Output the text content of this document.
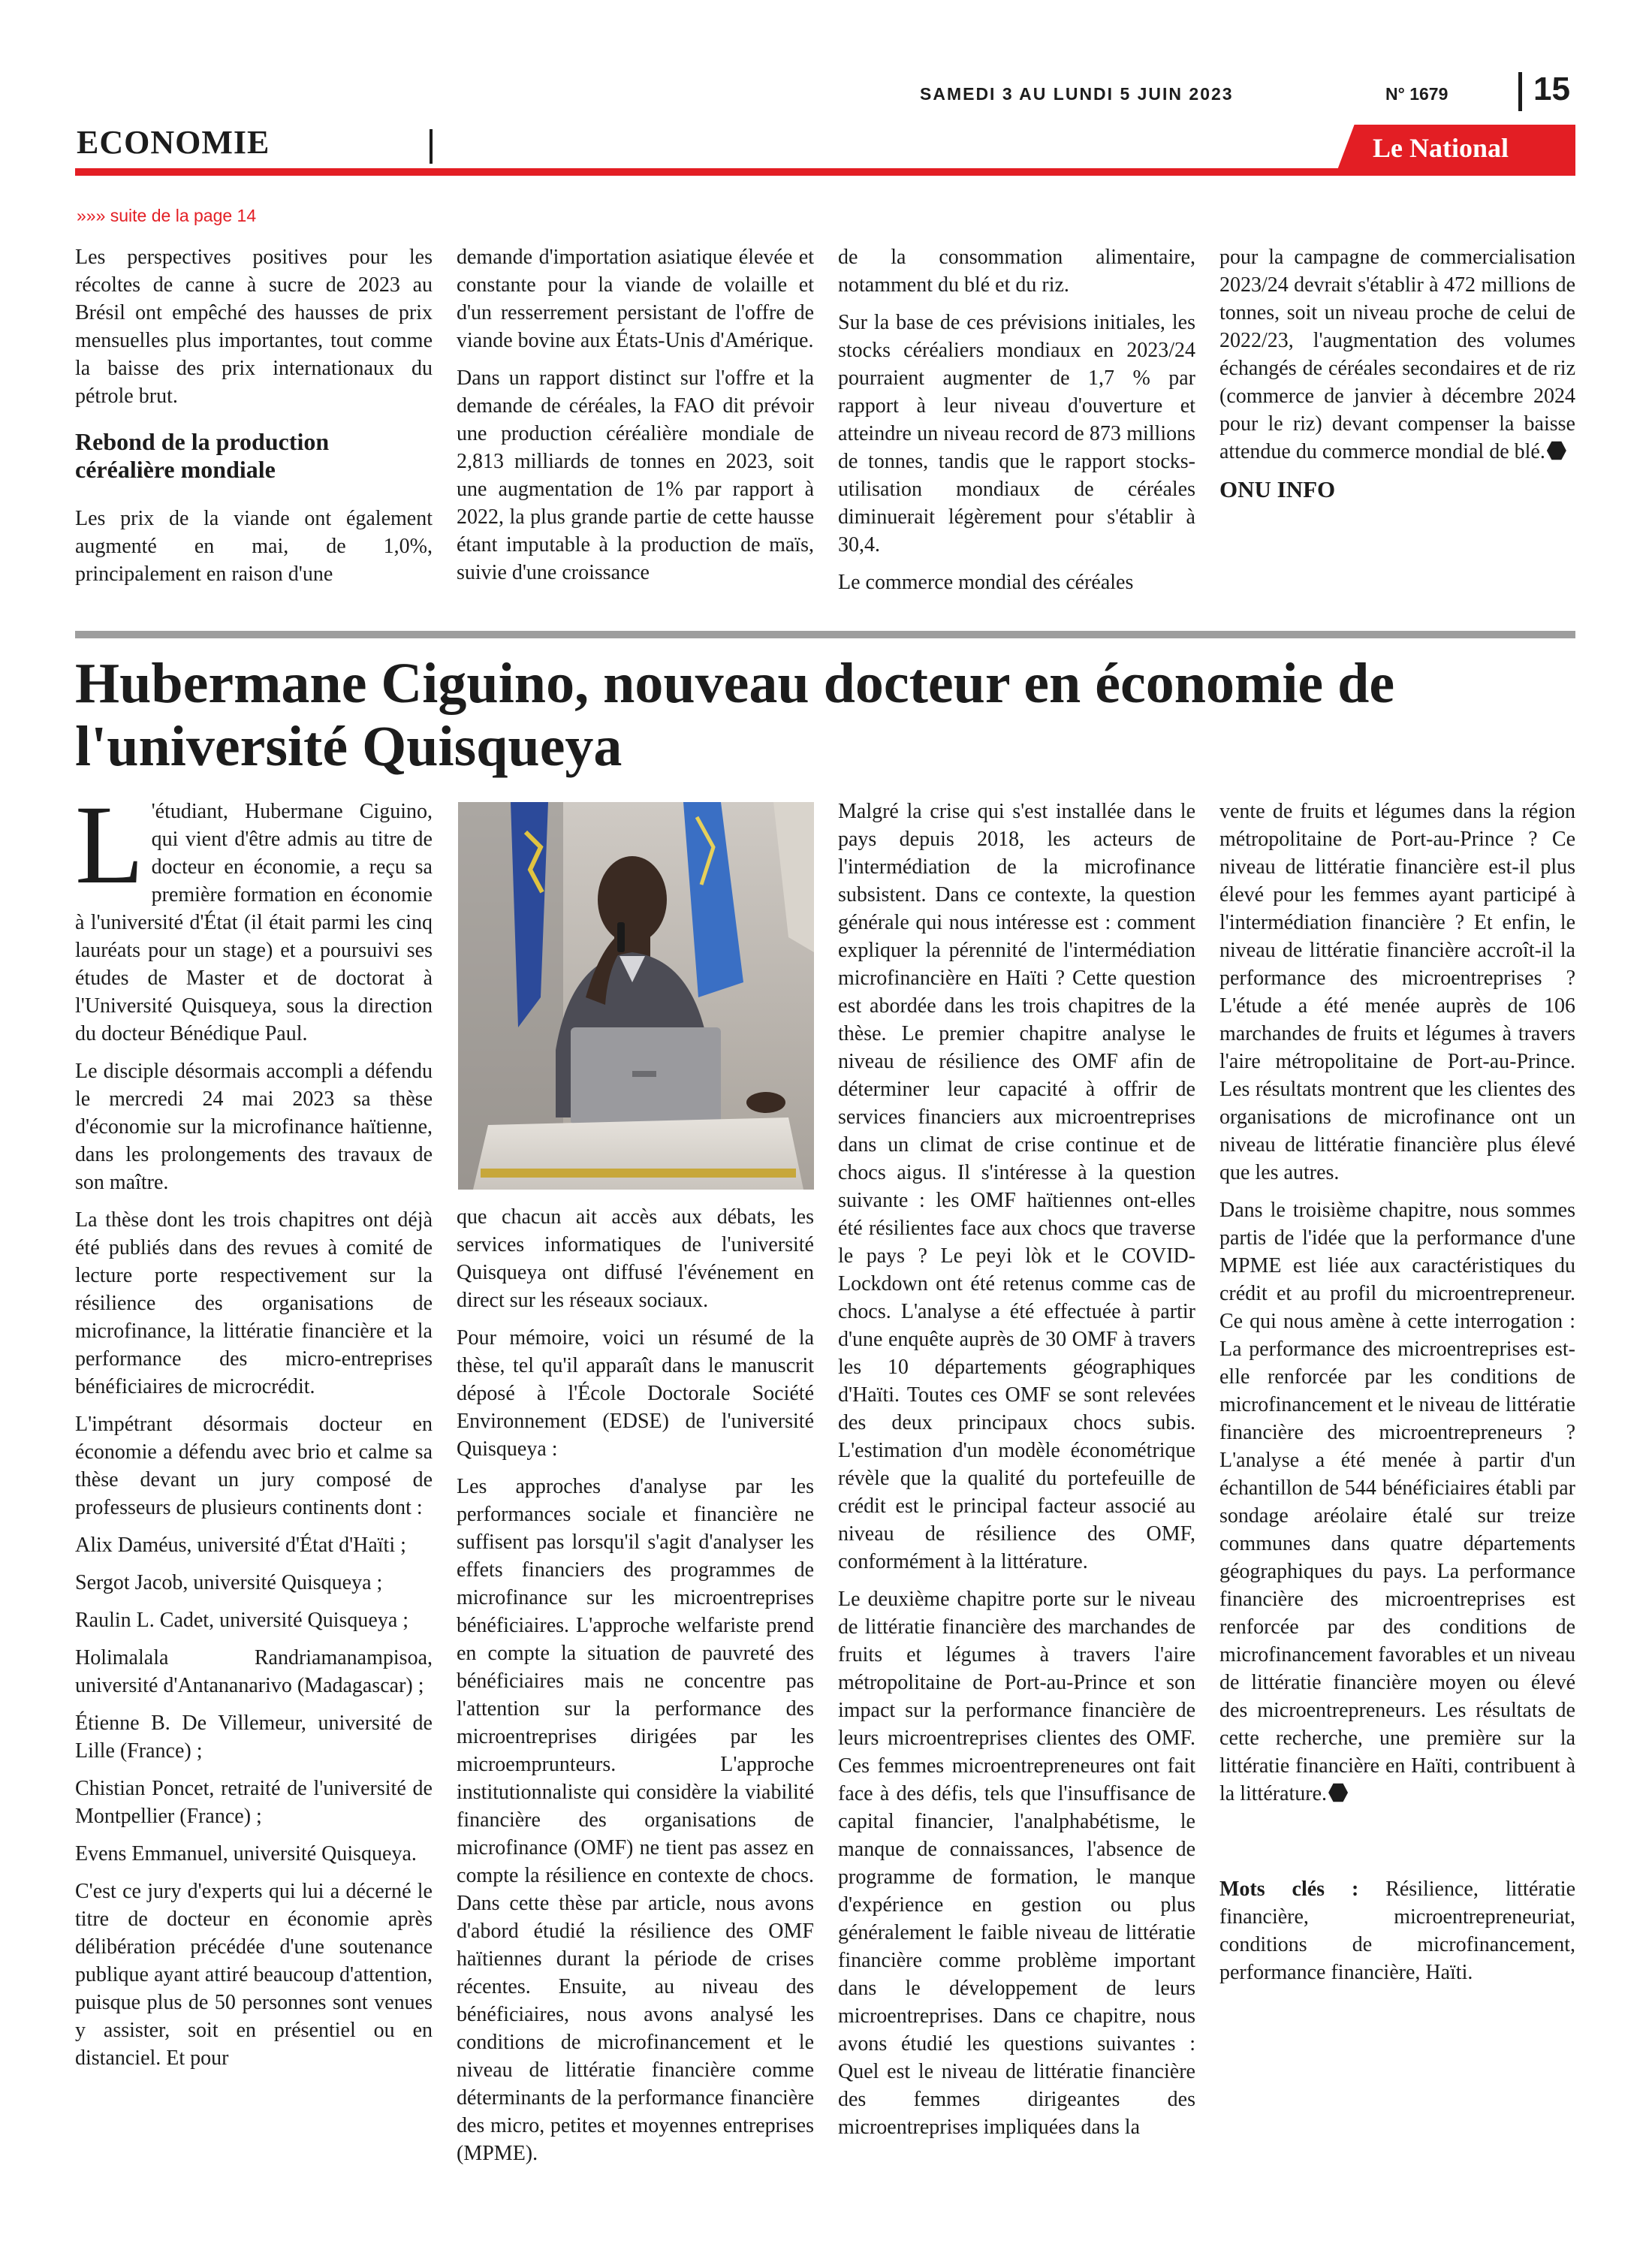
SAMEDI 3 AU LUNDI 5 JUIN 2023	N° 1679	15
ECONOMIE	Le National
»»» suite de la page 14

Les perspectives positives pour les récoltes de canne à sucre de 2023 au Brésil ont empêché des hausses de prix mensuelles plus importantes, tout comme la baisse des prix internationaux du pétrole brut.

Rebond de la production céréalière mondiale

Les prix de la viande ont également augmenté en mai, de 1,0%, principalement en raison d'une

demande d'importation asiatique élevée et constante pour la viande de volaille et d'un resserrement persistant de l'offre de viande bovine aux États-Unis d'Amérique.

Dans un rapport distinct sur l'offre et la demande de céréales, la FAO dit prévoir une production céréalière mondiale de 2,813 milliards de tonnes en 2023, soit une augmentation de 1% par rapport à 2022, la plus grande partie de cette hausse étant imputable à la production de maïs, suivie d'une croissance

de la consommation alimentaire, notamment du blé et du riz.

Sur la base de ces prévisions initiales, les stocks céréaliers mondiaux en 2023/24 pourraient augmenter de 1,7 % par rapport à leur niveau d'ouverture et atteindre un niveau record de 873 millions de tonnes, tandis que le rapport stocks-utilisation mondiaux de céréales diminuerait légèrement pour s'établir à 30,4.

Le commerce mondial des céréales

pour la campagne de commercialisation 2023/24 devrait s'établir à 472 millions de tonnes, soit un niveau proche de celui de 2022/23, l'augmentation des volumes échangés de céréales secondaires et de riz (commerce de janvier à décembre 2024 pour le riz) devant compenser la baisse attendue du commerce mondial de blé.

ONU INFO

Hubermane Ciguino, nouveau docteur en économie de l'université Quisqueya

L 'étudiant, Hubermane Ciguino, qui vient d'être admis au titre de docteur en économie, a reçu sa première formation en économie à l'université d'État (il était parmi les cinq lauréats pour un stage) et a poursuivi ses études de Master et de doctorat à l'Université Quisqueya, sous la direction du docteur Bénédique Paul.

Le disciple désormais accompli a défendu le mercredi 24 mai 2023 sa thèse d'économie sur la microfinance haïtienne, dans les prolongements des travaux de son maître.

La thèse dont les trois chapitres ont déjà été publiés dans des revues à comité de lecture porte respectivement sur la résilience des organisations de microfinance, la littératie financière et la performance des micro-entreprises bénéficiaires de microcrédit.

L'impétrant désormais docteur en économie a défendu avec brio et calme sa thèse devant un jury composé de professeurs de plusieurs continents dont :

Alix Daméus, université d'État d'Haïti ;

Sergot Jacob, université Quisqueya ;

Raulin L. Cadet, université Quisqueya ;

Holimalala Randriamanampisoa, université d'Antananarivo (Madagascar) ;

Étienne B. De Villemeur, université de Lille (France) ;

Chistian Poncet, retraité de l'université de Montpellier (France) ;

Evens Emmanuel, université Quisqueya.

C'est ce jury d'experts qui lui a décerné le titre de docteur en économie après délibération précédée d'une soutenance publique ayant attiré beaucoup d'attention, puisque plus de 50 personnes sont venues y assister, soit en présentiel ou en distanciel. Et pour

que chacun ait accès aux débats, les services informatiques de l'université Quisqueya ont diffusé l'événement en direct sur les réseaux sociaux.

Pour mémoire, voici un résumé de la thèse, tel qu'il apparaît dans le manuscrit déposé à l'École Doctorale Société Environnement (EDSE) de l'université Quisqueya :

Les approches d'analyse par les performances sociale et financière ne suffisent pas lorsqu'il s'agit d'analyser les effets financiers des programmes de microfinance sur les microentreprises bénéficiaires. L'approche welfariste prend en compte la situation de pauvreté des bénéficiaires mais ne concentre pas l'attention sur la performance des microentreprises dirigées par les microemprunteurs. L'approche institutionnaliste qui considère la viabilité financière des organisations de microfinance (OMF) ne tient pas assez en compte la résilience en contexte de chocs. Dans cette thèse par article, nous avons d'abord étudié la résilience des OMF haïtiennes durant la période de crises récentes. Ensuite, au niveau des bénéficiaires, nous avons analysé les conditions de microfinancement et le niveau de littératie financière comme déterminants de la performance financière des micro, petites et moyennes entreprises (MPME).

Malgré la crise qui s'est installée dans le pays depuis 2018, les acteurs de l'intermédiation de la microfinance subsistent. Dans ce contexte, la question générale qui nous intéresse est : comment expliquer la pérennité de l'intermédiation microfinancière en Haïti ? Cette question est abordée dans les trois chapitres de la thèse. Le premier chapitre analyse le niveau de résilience des OMF afin de déterminer leur capacité à offrir de services financiers aux microentreprises dans un climat de crise continue et de chocs aigus. Il s'intéresse à la question suivante : les OMF haïtiennes ont-elles été résilientes face aux chocs que traverse le pays ? Le peyi lòk et le COVID-Lockdown ont été retenus comme cas de chocs. L'analyse a été effectuée à partir d'une enquête auprès de 30 OMF à travers les 10 départements géographiques d'Haïti. Toutes ces OMF se sont relevées des deux principaux chocs subis. L'estimation d'un modèle économétrique révèle que la qualité du portefeuille de crédit est le principal facteur associé au niveau de résilience des OMF, conformément à la littérature.

Le deuxième chapitre porte sur le niveau de littératie financière des marchandes de fruits et légumes à travers l'aire métropolitaine de Port-au-Prince et son impact sur la performance financière de leurs microentreprises clientes des OMF. Ces femmes microentrepreneures ont fait face à des défis, tels que l'insuffisance de capital financier, l'analphabétisme, le manque de connaissances, l'absence de programme de formation, le manque d'expérience en gestion ou plus généralement le faible niveau de littératie financière comme problème important dans le développement de leurs microentreprises. Dans ce chapitre, nous avons étudié les questions suivantes : Quel est le niveau de littératie financière des femmes dirigeantes des microentreprises impliquées dans la

vente de fruits et légumes dans la région métropolitaine de Port-au-Prince ? Ce niveau de littératie financière est-il plus élevé pour les femmes ayant participé à l'intermédiation financière ? Et enfin, le niveau de littératie financière accroît-il la performance des microentreprises ? L'étude a été menée auprès de 106 marchandes de fruits et légumes à travers l'aire métropolitaine de Port-au-Prince. Les résultats montrent que les clientes des organisations de microfinance ont un niveau de littératie financière plus élevé que les autres.

Dans le troisième chapitre, nous sommes partis de l'idée que la performance d'une MPME est liée aux caractéristiques du crédit et au profil du microentrepreneur. Ce qui nous amène à cette interrogation : La performance des microentreprises est-elle renforcée par les conditions de microfinancement et le niveau de littératie financière des microentrepreneurs ? L'analyse a été menée à partir d'un échantillon de 544 bénéficiaires établi par sondage aréolaire étalé sur treize communes dans quatre départements géographiques du pays. La performance financière des microentreprises est renforcée par des conditions de microfinancement favorables et un niveau de littératie financière moyen ou élevé des microentrepreneurs. Les résultats de cette recherche, une première sur la littératie financière en Haïti, contribuent à la littérature.

Mots clés : Résilience, littératie financière, microentrepreneuriat, conditions de microfinancement, performance financière, Haïti.
